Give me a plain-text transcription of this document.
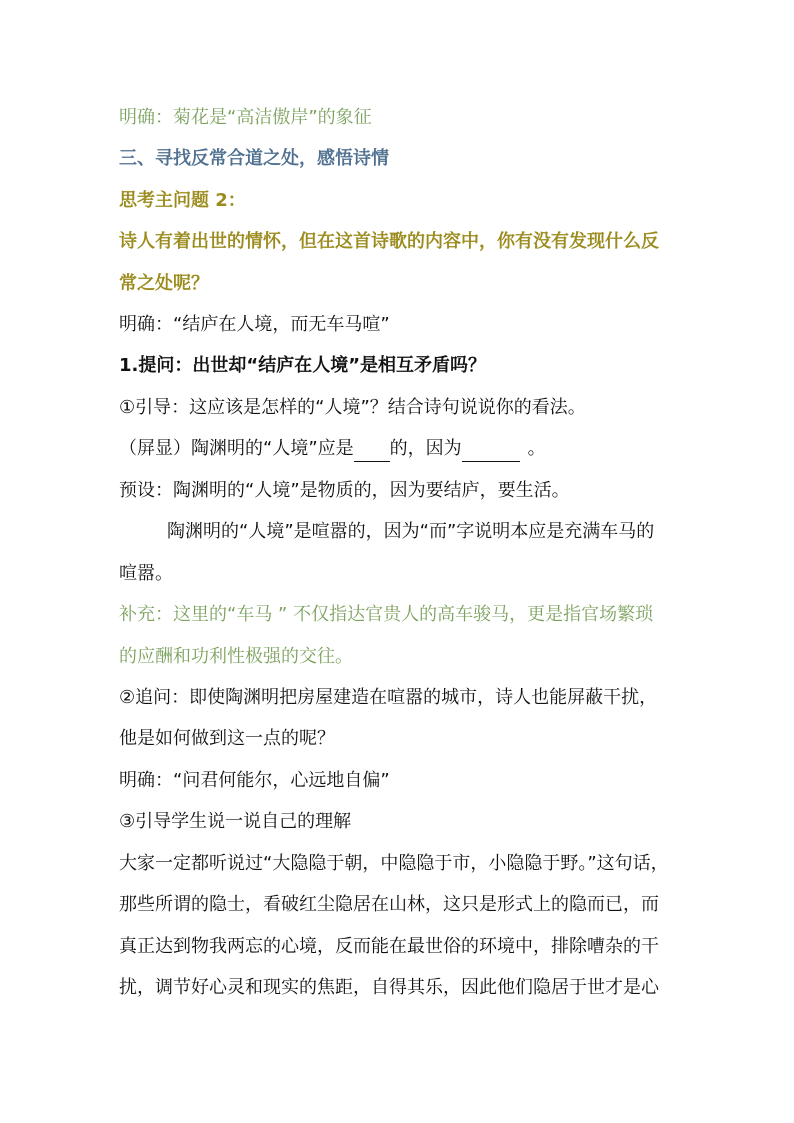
明确：菊花是“高洁傲岸”的象征
三、寻找反常合道之处，感悟诗情
思考主问题 2：
诗人有着出世的情怀，但在这首诗歌的内容中，你有没有发现什么反
常之处呢？
明确：“结庐在人境，而无车马喧”
1.提问：出世却“结庐在人境”是相互矛盾吗？
①引导：这应该是怎样的“人境”？结合诗句说说你的看法。
（屏显）陶渊明的“人境”应是 的，因为	。
预设：陶渊明的“人境”是物质的，因为要结庐，要生活。
陶渊明的“人境”是喧嚣的，因为“而”字说明本应是充满车马的
喧嚣。
补充：这里的“车马 ” 不仅指达官贵人的高车骏马，更是指官场繁琐
的应酬和功利性极强的交往。
②追问：即使陶渊明把房屋建造在喧嚣的城市，诗人也能屏蔽干扰，
他是如何做到这一点的呢？
明确：“问君何能尔，心远地自偏”
③引导学生说一说自己的理解
大家一定都听说过“大隐隐于朝，中隐隐于市，小隐隐于野。”这句话，
那些所谓的隐士，看破红尘隐居在山林，这只是形式上的隐而已，而
真正达到物我两忘的心境，反而能在最世俗的环境中，排除嘈杂的干
扰，调节好心灵和现实的焦距，自得其乐，因此他们隐居于世才是心
